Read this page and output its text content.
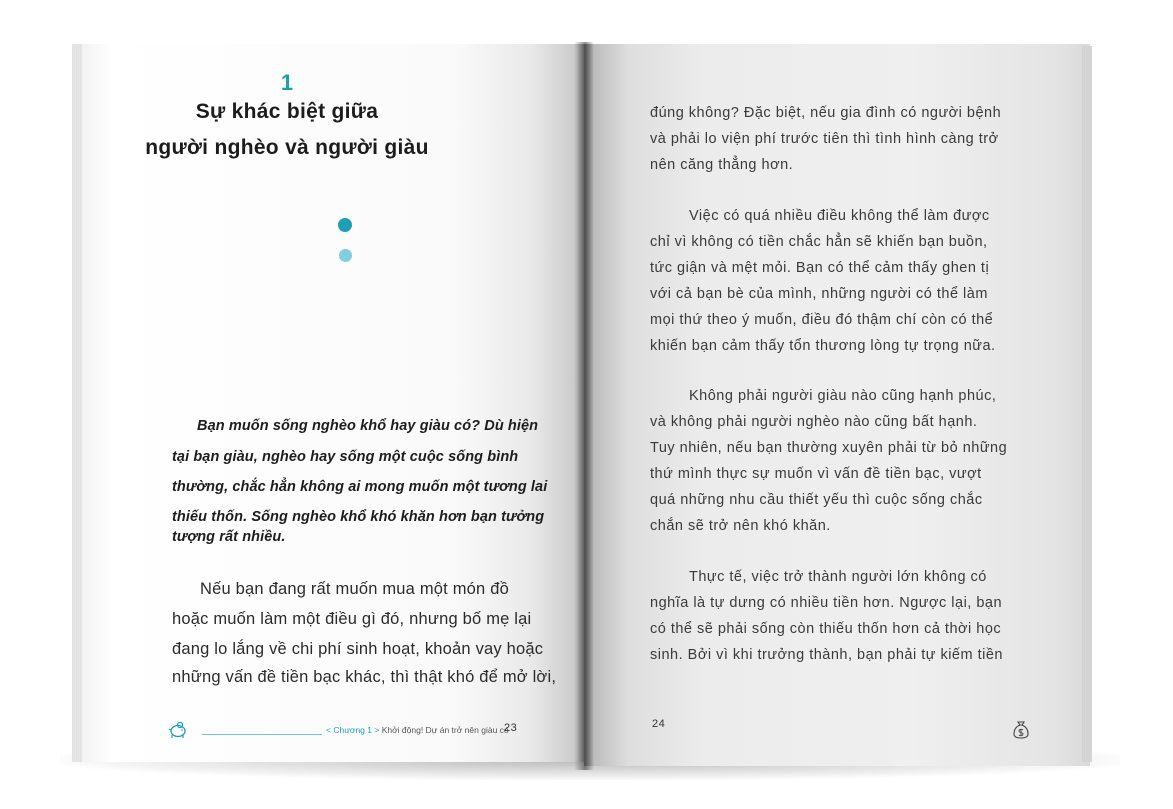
1
Sự khác biệt giữa
người nghèo và người giàu
Bạn muốn sống nghèo khổ hay giàu có? Dù hiện
tại bạn giàu, nghèo hay sống một cuộc sống bình
thường, chắc hẳn không ai mong muốn một tương lai
thiếu thốn. Sống nghèo khổ khó khăn hơn bạn tưởng
tượng rất nhiều.
Nếu bạn đang rất muốn mua một món đồ
hoặc muốn làm một điều gì đó, nhưng bố mẹ lại
đang lo lắng về chi phí sinh hoạt, khoản vay hoặc
những vấn đề tiền bạc khác, thì thật khó để mở lời,
< Chương 1 > Khởi động! Dự án trở nên giàu có
23
đúng không? Đặc biệt, nếu gia đình có người bệnh
và phải lo viện phí trước tiên thì tình hình càng trở
nên căng thẳng hơn.
Việc có quá nhiều điều không thể làm được
chỉ vì không có tiền chắc hẳn sẽ khiến bạn buồn,
tức giận và mệt mỏi. Bạn có thể cảm thấy ghen tị
với cả bạn bè của mình, những người có thể làm
mọi thứ theo ý muốn, điều đó thậm chí còn có thể
khiến bạn cảm thấy tổn thương lòng tự trọng nữa.
Không phải người giàu nào cũng hạnh phúc,
và không phải người nghèo nào cũng bất hạnh.
Tuy nhiên, nếu bạn thường xuyên phải từ bỏ những
thứ mình thực sự muốn vì vấn đề tiền bạc, vượt
quá những nhu cầu thiết yếu thì cuộc sống chắc
chắn sẽ trở nên khó khăn.
Thực tế, việc trở thành người lớn không có
nghĩa là tự dưng có nhiều tiền hơn. Ngược lại, bạn
có thể sẽ phải sống còn thiếu thốn hơn cả thời học
sinh. Bởi vì khi trưởng thành, bạn phải tự kiếm tiền
24
